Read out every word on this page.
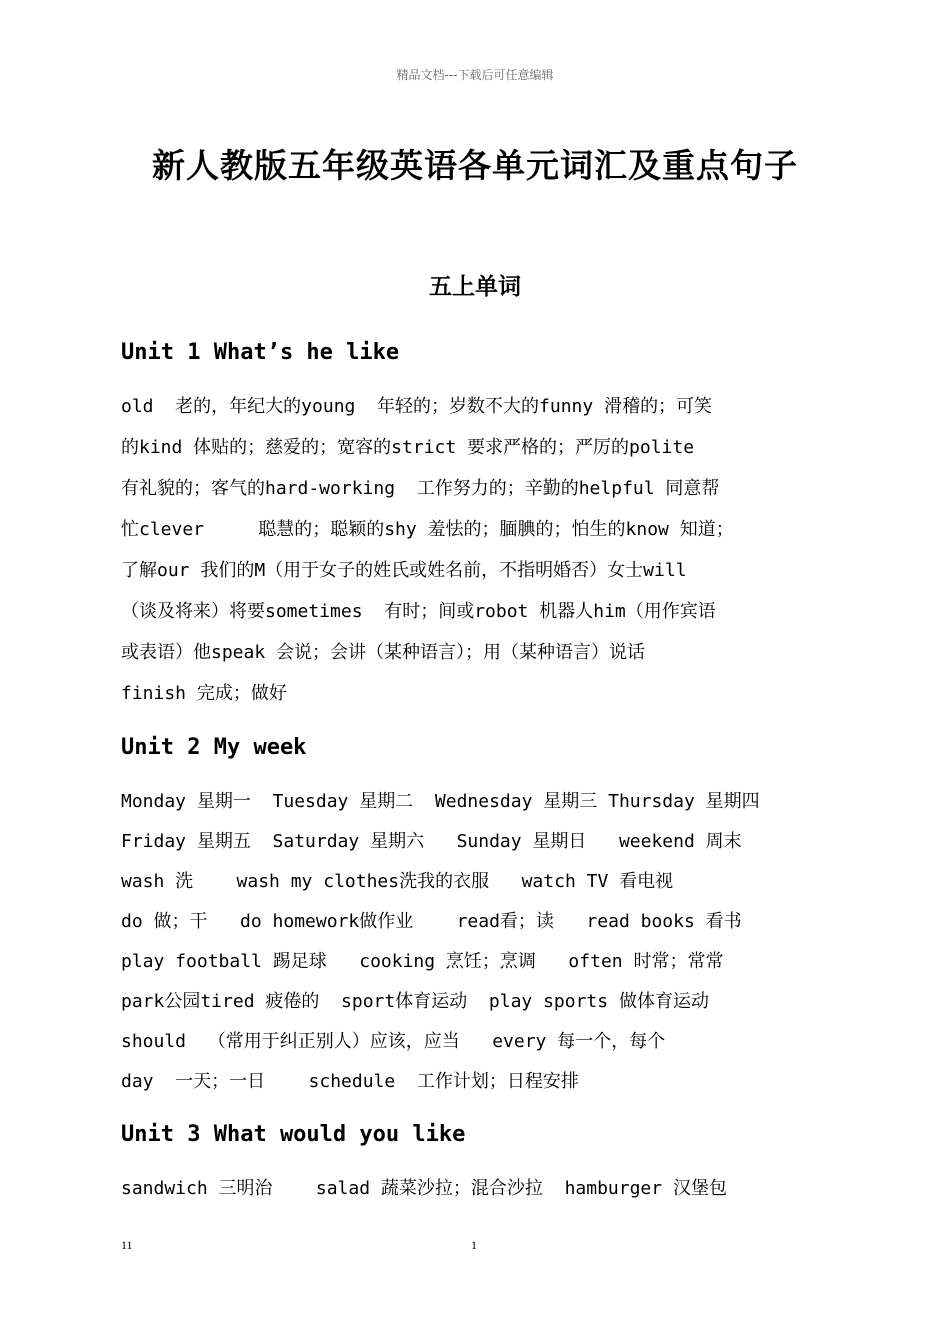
精品文档---下载后可任意编辑
新人教版五年级英语各单元词汇及重点句子
五上单词
Unit 1 What’s he like
old  老的，年纪大的young  年轻的；岁数不大的funny 滑稽的；可笑
的kind 体贴的；慈爱的；宽容的strict 要求严格的；严厉的polite
有礼貌的；客气的hard-working  工作努力的；辛勤的helpful 同意帮
忙clever     聪慧的；聪颖的shy 羞怯的；腼腆的；怕生的know 知道；
了解our 我们的M（用于女子的姓氏或姓名前，不指明婚否）女士will
（谈及将来）将要sometimes  有时；间或robot 机器人him（用作宾语
或表语）他speak 会说；会讲（某种语言）；用（某种语言）说话
finish 完成；做好
Unit 2 My week
Monday 星期一  Tuesday 星期二  Wednesday 星期三 Thursday 星期四
Friday 星期五  Saturday 星期六   Sunday 星期日   weekend 周末
wash 洗    wash my clothes洗我的衣服   watch TV 看电视
do 做；干   do homework做作业    read看；读   read books 看书
play football 踢足球   cooking 烹饪；烹调   often 时常；常常
park公园tired 疲倦的  sport体育运动  play sports 做体育运动
should  （常用于纠正别人）应该，应当   every 每一个，每个
day  一天；一日    schedule  工作计划；日程安排
Unit 3 What would you like
sandwich 三明治    salad 蔬菜沙拉；混合沙拉  hamburger 汉堡包
11	1
